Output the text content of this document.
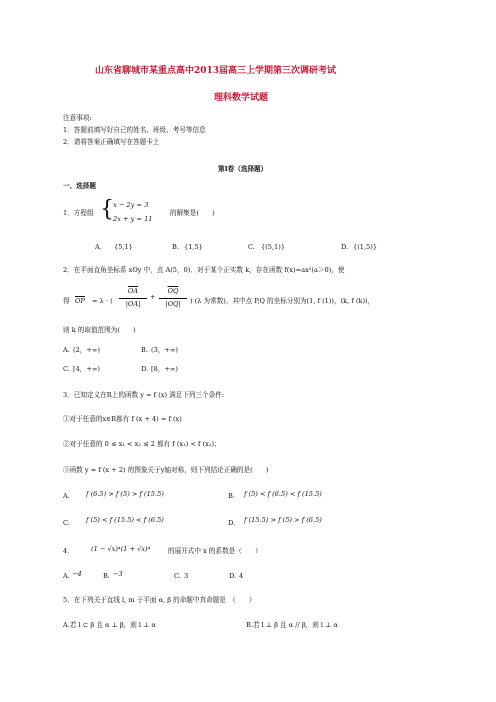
山东省聊城市某重点高中2013届高三上学期第三次调研考试
理科数学试题
注意事项:
1．答题前填写好自己的姓名、班级、考号等信息
2．请将答案正确填写在答题卡上
第I卷（选择题）
一、选择题
1．方程组 { x − 2y = 3
2x + y = 11
的解集是(　　)
A． {5,1}	B. {1,5}	C. {(5,1)}	D. {(1,5)}
2．在平面直角坐标系 xOy 中，点 A(5，0)．对于某个正实数 k，存在函数 f(x)=ax²(a＞0)，使
得 $\overline{OP} = \lambda$ · (
$\overline{OA}$
|OA|
+
$\overline{OQ}$
|OQ|	) (λ 为常数)，其中点 P,Q 的坐标分别为(1, f (1))，(k, f (k))，
则 k 的取值范围为(　　)
A. (2，+∞)	B. (3，+∞)
C. [4，+∞)	D. [8，+∞)
3．已知定义在R上的函数 y = f (x) 满足下列三个条件:
①对于任意的x∈R都有 f (x + 4) = f (x)
②对于任意的 0 ≤ x₁ < x₂ ≤ 2 都有 f (x₁) < f (x₂)；
③函数 y = f (x + 2) 的图象关于y轴对称，则下列结论正确的是(　　)
A. f (6.5) > f (5) > f (15.5)	B. f (5) < f (6.5) < f (15.5)
C. f (5) < f (15.5) < f (6.5)	D. f (15.5) > f (5) > f (6.5)
4．	(1 − √x)⁴(1 + √x)⁴	的展开式中 x 的系数是（　　）
A. −4	B. −3	C. 3	D. 4
5．在下列关于直线 l, m 于平面 α, β 的命题中真命题是　（　　）
A.若 l ⊂ β 且 α ⊥ β，则 l ⊥ α	B.若 l ⊥ β 且 α // β，则 l ⊥ α
